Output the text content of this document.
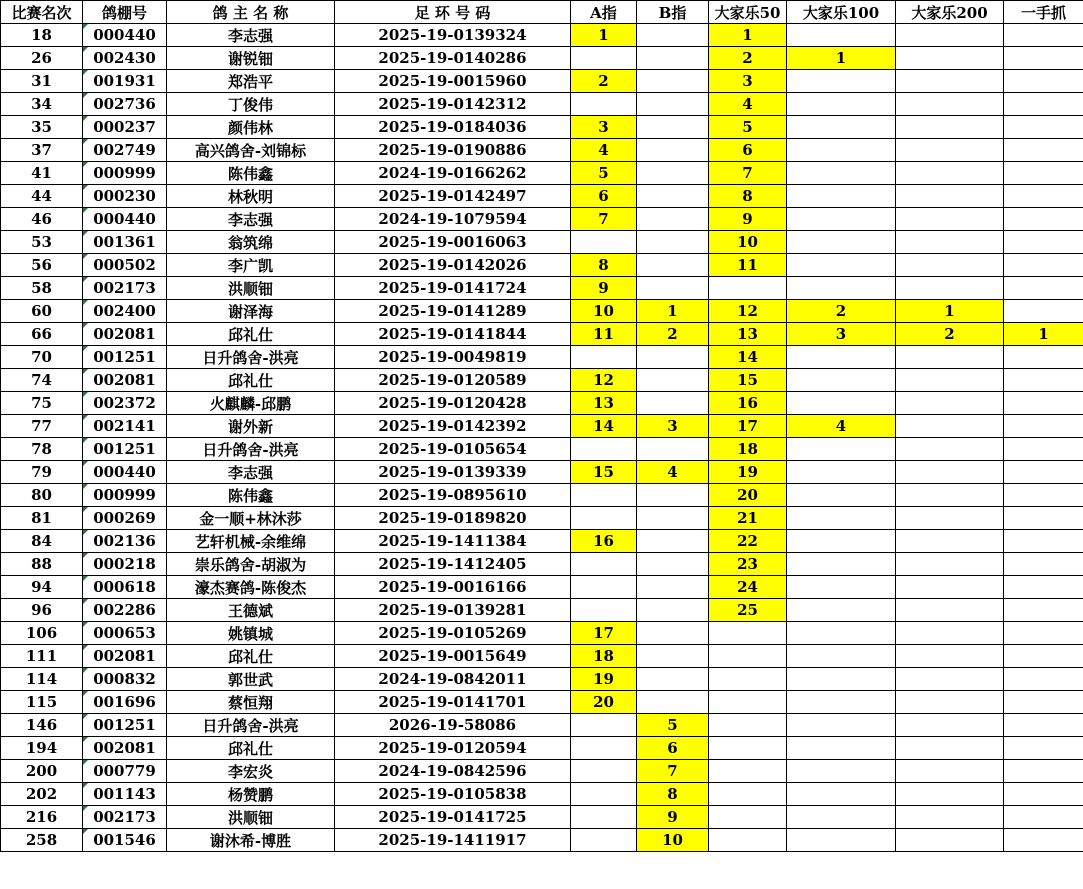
比赛名次	鸽棚号	鸽 主 名 称	足 环 号 码	A指	B指	大家乐50	大家乐100	大家乐200	一手抓
18	000440	李志强	2025-19-0139324	1		1			
26	002430	谢锐钿	2025-19-0140286			2	1		
31	001931	郑浩平	2025-19-0015960	2		3			
34	002736	丁俊伟	2025-19-0142312			4			
35	000237	颜伟林	2025-19-0184036	3		5			
37	002749	高兴鸽舍-刘锦标	2025-19-0190886	4		6			
41	000999	陈伟鑫	2024-19-0166262	5		7			
44	000230	林秋明	2025-19-0142497	6		8			
46	000440	李志强	2024-19-1079594	7		9			
53	001361	翁筑绵	2025-19-0016063			10			
56	000502	李广凯	2025-19-0142026	8		11			
58	002173	洪顺钿	2025-19-0141724	9					
60	002400	谢泽海	2025-19-0141289	10	1	12	2	1	
66	002081	邱礼仕	2025-19-0141844	11	2	13	3	2	1
70	001251	日升鸽舍-洪亮	2025-19-0049819			14			
74	002081	邱礼仕	2025-19-0120589	12		15			
75	002372	火麒麟-邱鹏	2025-19-0120428	13		16			
77	002141	谢外新	2025-19-0142392	14	3	17	4		
78	001251	日升鸽舍-洪亮	2025-19-0105654			18			
79	000440	李志强	2025-19-0139339	15	4	19			
80	000999	陈伟鑫	2025-19-0895610			20			
81	000269	金一顺+林沐莎	2025-19-0189820			21			
84	002136	艺轩机械-余维绵	2025-19-1411384	16		22			
88	000218	崇乐鸽舍-胡淑为	2025-19-1412405			23			
94	000618	濠杰赛鸽-陈俊杰	2025-19-0016166			24			
96	002286	王德斌	2025-19-0139281			25			
106	000653	姚镇城	2025-19-0105269	17					
111	002081	邱礼仕	2025-19-0015649	18					
114	000832	郭世武	2024-19-0842011	19					
115	001696	蔡恒翔	2025-19-0141701	20					
146	001251	日升鸽舍-洪亮	2026-19-58086		5				
194	002081	邱礼仕	2025-19-0120594		6				
200	000779	李宏炎	2024-19-0842596		7				
202	001143	杨赞鹏	2025-19-0105838		8				
216	002173	洪顺钿	2025-19-0141725		9				
258	001546	谢沐希-博胜	2025-19-1411917		10				
